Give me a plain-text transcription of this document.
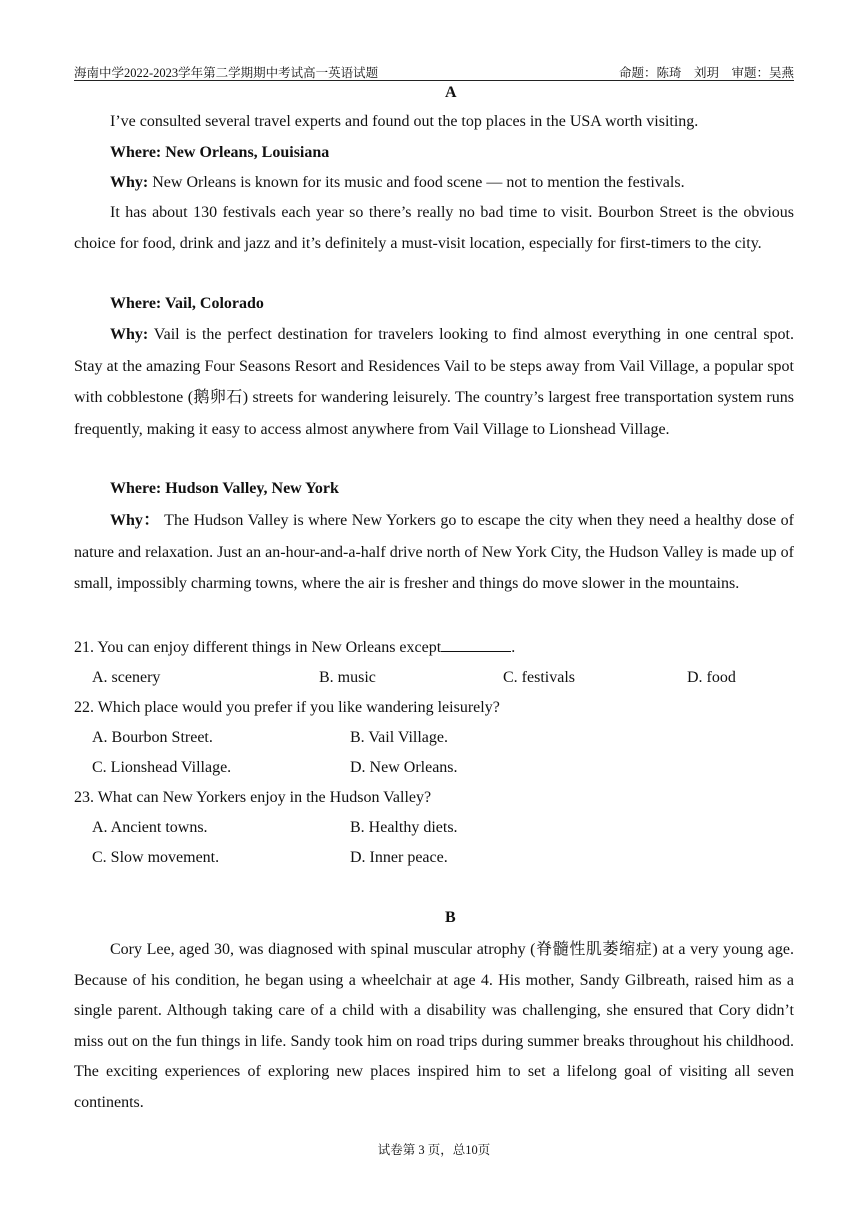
海南中学2022-2023学年第二学期期中考试高一英语试题	命题：陈琦　刘玥　审题：吴燕
A

I’ve consulted several travel experts and found out the top places in the USA worth visiting.

Where: New Orleans, Louisiana

Why: New Orleans is known for its music and food scene — not to mention the festivals.

It has about 130 festivals each year so there’s really no bad time to visit. Bourbon Street is the obvious choice for food, drink and jazz and it’s definitely a must-visit location, especially for first-timers to the city.

Where: Vail, Colorado

Why: Vail is the perfect destination for travelers looking to find almost everything in one central spot. Stay at the amazing Four Seasons Resort and Residences Vail to be steps away from Vail Village, a popular spot with cobblestone (鹅卵石) streets for wandering leisurely. The country’s largest free transportation system runs frequently, making it easy to access almost anywhere from Vail Village to Lionshead Village.

Where: Hudson Valley, New York

Why： The Hudson Valley is where New Yorkers go to escape the city when they need a healthy dose of nature and relaxation. Just an an-hour-and-a-half drive north of New York City, the Hudson Valley is made up of small, impossibly charming towns, where the air is fresher and things do move slower in the mountains.

21. You can enjoy different things in New Orleans except	.
A. scenery	B. music	C. festivals	D. food
22. Which place would you prefer if you like wandering leisurely?
A. Bourbon Street.	B. Vail Village.
C. Lionshead Village.	D. New Orleans.
23. What can New Yorkers enjoy in the Hudson Valley?
A. Ancient towns.	B. Healthy diets.
C. Slow movement.	D. Inner peace.
B

Cory Lee, aged 30, was diagnosed with spinal muscular atrophy (脊髓性肌萎缩症) at a very young age. Because of his condition, he began using a wheelchair at age 4. His mother, Sandy Gilbreath, raised him as a single parent. Although taking care of a child with a disability was challenging, she ensured that Cory didn’t miss out on the fun things in life. Sandy took him on road trips during summer breaks throughout his childhood. The exciting experiences of exploring new places inspired him to set a lifelong goal of visiting all seven continents.

试卷第 3 页，总10页
